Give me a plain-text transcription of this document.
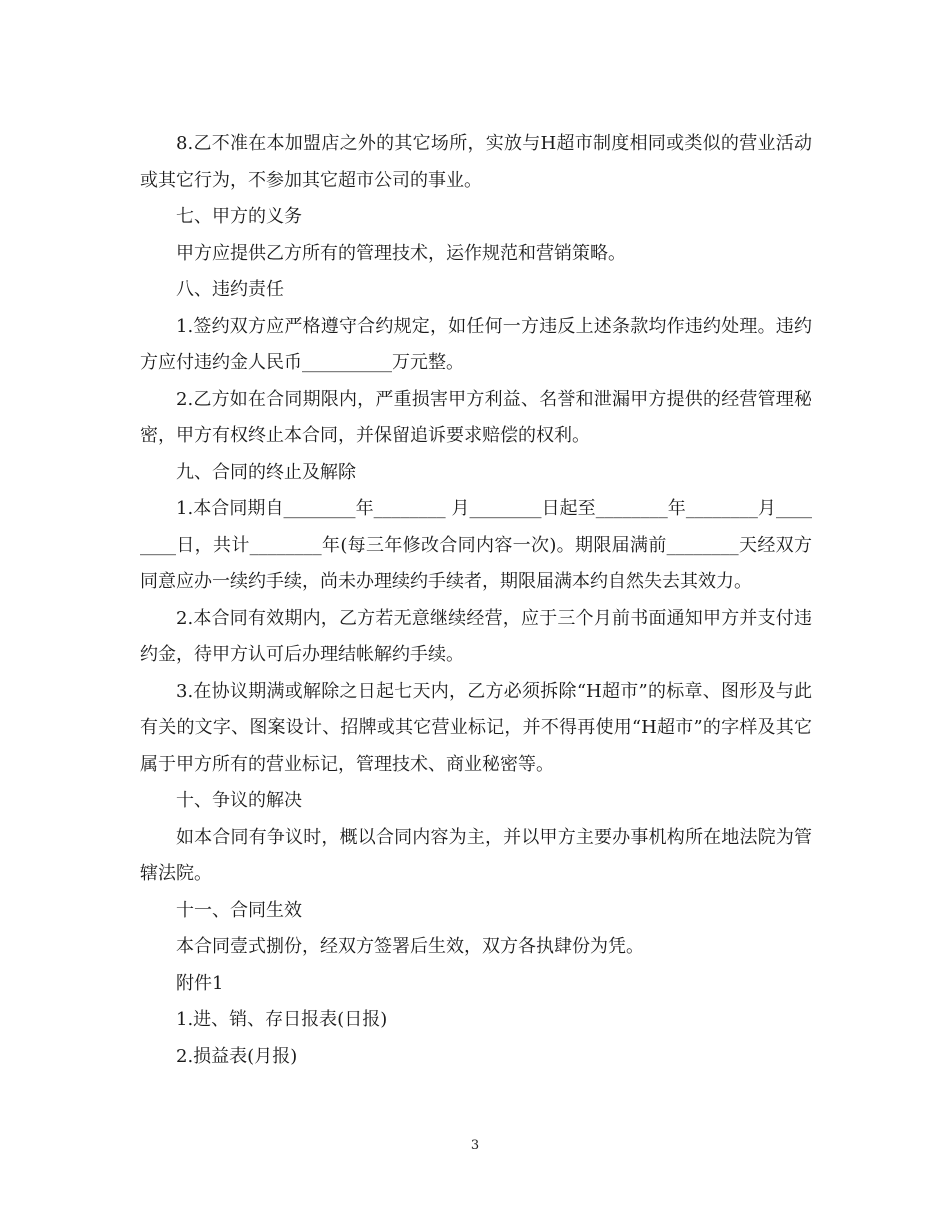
8.乙不准在本加盟店之外的其它场所，实放与H超市制度相同或类似的营业活动或其它行为，不参加其它超市公司的事业。

七、甲方的义务

甲方应提供乙方所有的管理技术，运作规范和营销策略。

八、违约责任

1.签约双方应严格遵守合约规定，如任何一方违反上述条款均作违约处理。违约方应付违约金人民币__________万元整。

2.乙方如在合同期限内，严重损害甲方利益、名誉和泄漏甲方提供的经营管理秘密，甲方有权终止本合同，并保留追诉要求赔偿的权利。

九、合同的终止及解除

1.本合同期自________年________ 月________日起至________年________月________日，共计________年(每三年修改合同内容一次)。期限届满前________天经双方同意应办一续约手续，尚未办理续约手续者，期限届满本约自然失去其效力。

2.本合同有效期内，乙方若无意继续经营，应于三个月前书面通知甲方并支付违约金，待甲方认可后办理结帐解约手续。

3.在协议期满或解除之日起七天内，乙方必须拆除“H超市”的标章、图形及与此有关的文字、图案设计、招牌或其它营业标记，并不得再使用“H超市”的字样及其它属于甲方所有的营业标记，管理技术、商业秘密等。

十、争议的解决

如本合同有争议时，概以合同内容为主，并以甲方主要办事机构所在地法院为管辖法院。

十一、合同生效

本合同壹式捌份，经双方签署后生效，双方各执肆份为凭。

附件1

1.进、销、存日报表(日报)

2.损益表(月报)

3
